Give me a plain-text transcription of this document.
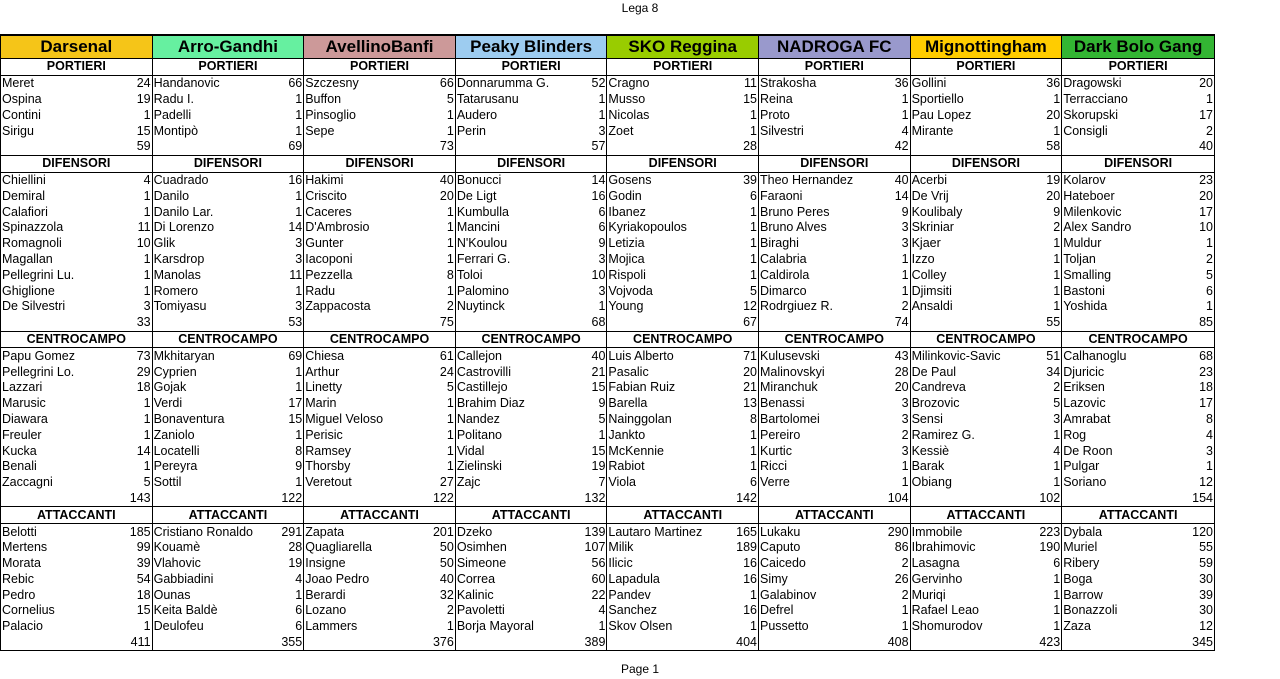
Lega 8
Darsenal		Arro-Gandhi		AvellinoBanfi		Peaky Blinders		SKO Reggina		NADROGA FC		Mignottingham		Dark Bolo Gang	
PORTIERI		PORTIERI		PORTIERI		PORTIERI		PORTIERI		PORTIERI		PORTIERI		PORTIERI	
Meret	24	Handanovic	66	Szczesny	66	Donnarumma G.	52	Cragno	11	Strakosha	36	Gollini	36	Dragowski	20
Ospina	19	Radu I.	1	Buffon	5	Tatarusanu	1	Musso	15	Reina	1	Sportiello	1	Terracciano	1
Contini	1	Padelli	1	Pinsoglio	1	Audero	1	Nicolas	1	Proto	1	Pau Lopez	20	Skorupski	17
Sirigu	15	Montipò	1	Sepe	1	Perin	3	Zoet	1	Silvestri	4	Mirante	1	Consigli	2
59		69		73		57		28		42		58		40	
DIFENSORI		DIFENSORI		DIFENSORI		DIFENSORI		DIFENSORI		DIFENSORI		DIFENSORI		DIFENSORI	
Chiellini	4	Cuadrado	16	Hakimi	40	Bonucci	14	Gosens	39	Theo Hernandez	40	Acerbi	19	Kolarov	23
Demiral	1	Danilo	1	Criscito	20	De Ligt	16	Godin	6	Faraoni	14	De Vrij	20	Hateboer	20
Calafiori	1	Danilo Lar.	1	Caceres	1	Kumbulla	6	Ibanez	1	Bruno Peres	9	Koulibaly	9	Milenkovic	17
Spinazzola	11	Di Lorenzo	14	D'Ambrosio	1	Mancini	6	Kyriakopoulos	1	Bruno Alves	3	Skriniar	2	Alex Sandro	10
Romagnoli	10	Glik	3	Gunter	1	N'Koulou	9	Letizia	1	Biraghi	3	Kjaer	1	Muldur	1
Magallan	1	Karsdrop	3	Iacoponi	1	Ferrari G.	3	Mojica	1	Calabria	1	Izzo	1	Toljan	2
Pellegrini Lu.	1	Manolas	11	Pezzella	8	Toloi	10	Rispoli	1	Caldirola	1	Colley	1	Smalling	5
Ghiglione	1	Romero	1	Radu	1	Palomino	3	Vojvoda	5	Dimarco	1	Djimsiti	1	Bastoni	6
De Silvestri	3	Tomiyasu	3	Zappacosta	2	Nuytinck	1	Young	12	Rodrgiuez R.	2	Ansaldi	1	Yoshida	1
33		53		75		68		67		74		55		85	
CENTROCAMPO		CENTROCAMPO		CENTROCAMPO		CENTROCAMPO		CENTROCAMPO		CENTROCAMPO		CENTROCAMPO		CENTROCAMPO	
Papu Gomez	73	Mkhitaryan	69	Chiesa	61	Callejon	40	Luis Alberto	71	Kulusevski	43	Milinkovic-Savic	51	Calhanoglu	68
Pellegrini Lo.	29	Cyprien	1	Arthur	24	Castrovilli	21	Pasalic	20	Malinovskyi	28	De Paul	34	Djuricic	23
Lazzari	18	Gojak	1	Linetty	5	Castillejo	15	Fabian Ruiz	21	Miranchuk	20	Candreva	2	Eriksen	18
Marusic	1	Verdi	17	Marin	1	Brahim Diaz	9	Barella	13	Benassi	3	Brozovic	5	Lazovic	17
Diawara	1	Bonaventura	15	Miguel Veloso	1	Nandez	5	Nainggolan	8	Bartolomei	3	Sensi	3	Amrabat	8
Freuler	1	Zaniolo	1	Perisic	1	Politano	1	Jankto	1	Pereiro	2	Ramirez G.	1	Rog	4
Kucka	14	Locatelli	8	Ramsey	1	Vidal	15	McKennie	1	Kurtic	3	Kessiè	4	De Roon	3
Benali	1	Pereyra	9	Thorsby	1	Zielinski	19	Rabiot	1	Ricci	1	Barak	1	Pulgar	1
Zaccagni	5	Sottil	1	Veretout	27	Zajc	7	Viola	6	Verre	1	Obiang	1	Soriano	12
143		122		122		132		142		104		102		154	
ATTACCANTI		ATTACCANTI		ATTACCANTI		ATTACCANTI		ATTACCANTI		ATTACCANTI		ATTACCANTI		ATTACCANTI	
Belotti	185	Cristiano Ronaldo	291	Zapata	201	Dzeko	139	Lautaro Martinez	165	Lukaku	290	Immobile	223	Dybala	120
Mertens	99	Kouamè	28	Quagliarella	50	Osimhen	107	Milik	189	Caputo	86	Ibrahimovic	190	Muriel	55
Morata	39	Vlahovic	19	Insigne	50	Simeone	56	Ilicic	16	Caicedo	2	Lasagna	6	Ribery	59
Rebic	54	Gabbiadini	4	Joao Pedro	40	Correa	60	Lapadula	16	Simy	26	Gervinho	1	Boga	30
Pedro	18	Ounas	1	Berardi	32	Kalinic	22	Pandev	1	Galabinov	2	Muriqi	1	Barrow	39
Cornelius	15	Keita Baldè	6	Lozano	2	Pavoletti	4	Sanchez	16	Defrel	1	Rafael Leao	1	Bonazzoli	30
Palacio	1	Deulofeu	6	Lammers	1	Borja Mayoral	1	Skov Olsen	1	Pussetto	1	Shomurodov	1	Zaza	12
411		355		376		389		404		408		423		345	
Page 1
